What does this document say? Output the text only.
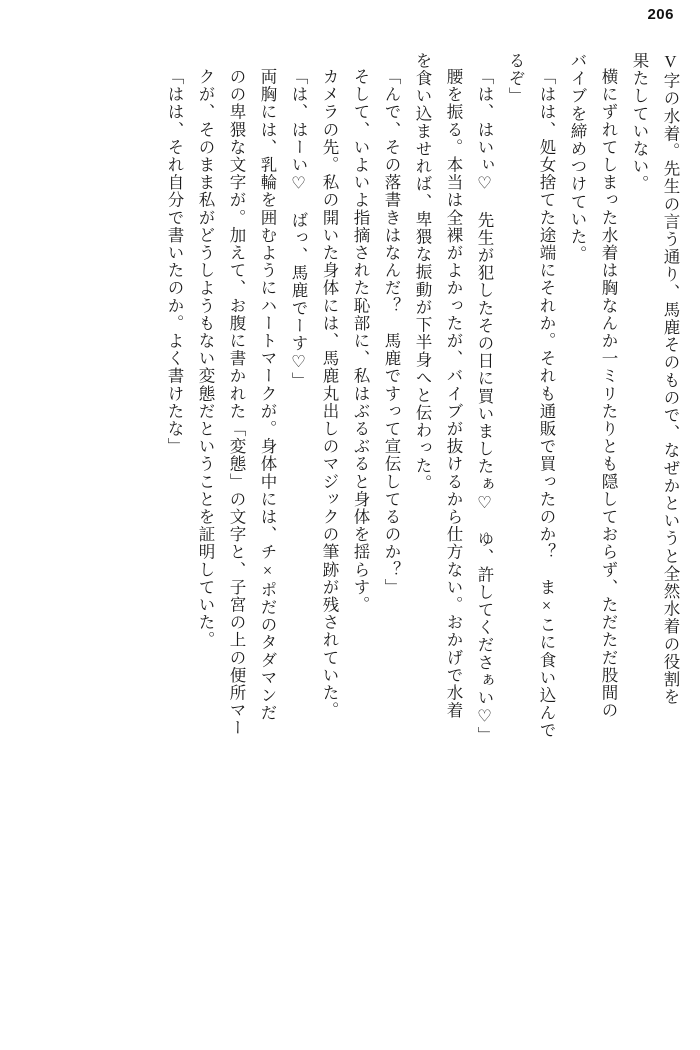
206
V字の水着。先生の言う通り、馬鹿そのもので、なぜかというと全然水着の役割を
果たしていない。
横にずれてしまった水着は胸なんか一ミリたりとも隠しておらず、ただただ股間の
バイブを締めつけていた。
「はは、処女捨てた途端にそれか。それも通販で買ったのか？　ま×こに食い込んで
るぞ」
「は、はいぃ♡　先生が犯したその日に買いましたぁ♡　ゆ、許してくださぁい♡」
腰を振る。本当は全裸がよかったが、バイブが抜けるから仕方ない。おかげで水着
を食い込ませれば、卑猥な振動が下半身へと伝わった。
「んで、その落書きはなんだ？　馬鹿ですって宣伝してるのか？」
そして、いよいよ指摘された恥部に、私はぶるぶると身体を揺らす。
カメラの先。私の開いた身体には、馬鹿丸出しのマジックの筆跡が残されていた。
「は、はーい♡　ばっ、馬鹿でーす♡」
両胸には、乳輪を囲むようにハートマークが。身体中には、チ×ポだのタダマンだ
のの卑猥な文字が。加えて、お腹に書かれた「変態」の文字と、子宮の上の便所マー
クが、そのまま私がどうしようもない変態だということを証明していた。
「はは、それ自分で書いたのか。よく書けたな」
